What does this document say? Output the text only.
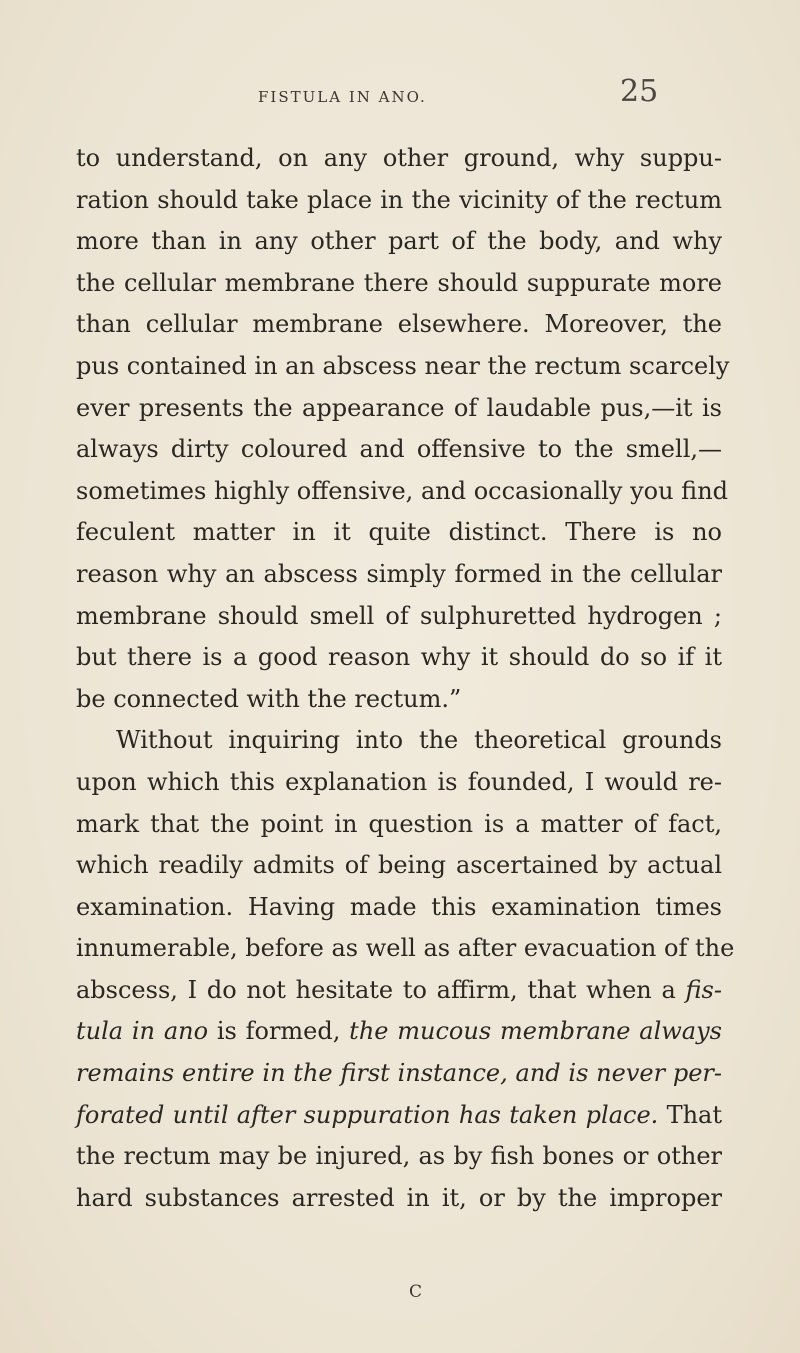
FISTULA IN ANO.	25
to understand, on any other ground, why suppu-
ration should take place in the vicinity of the rectum
more than in any other part of the body, and why
the cellular membrane there should suppurate more
than cellular membrane elsewhere. Moreover, the
pus contained in an abscess near the rectum scarcely
ever presents the appearance of laudable pus,—it is
always dirty coloured and offensive to the smell,—
sometimes highly offensive, and occasionally you find
feculent matter in it quite distinct. There is no
reason why an abscess simply formed in the cellular
membrane should smell of sulphuretted hydrogen ;
but there is a good reason why it should do so if it
be connected with the rectum.”
Without inquiring into the theoretical grounds
upon which this explanation is founded, I would re-
mark that the point in question is a matter of fact,
which readily admits of being ascertained by actual
examination. Having made this examination times
innumerable, before as well as after evacuation of the
abscess, I do not hesitate to affirm, that when a fis-
tula in ano is formed, the mucous membrane always
remains entire in the first instance, and is never per-
forated until after suppuration has taken place. That
the rectum may be injured, as by fish bones or other
hard substances arrested in it, or by the improper
C
